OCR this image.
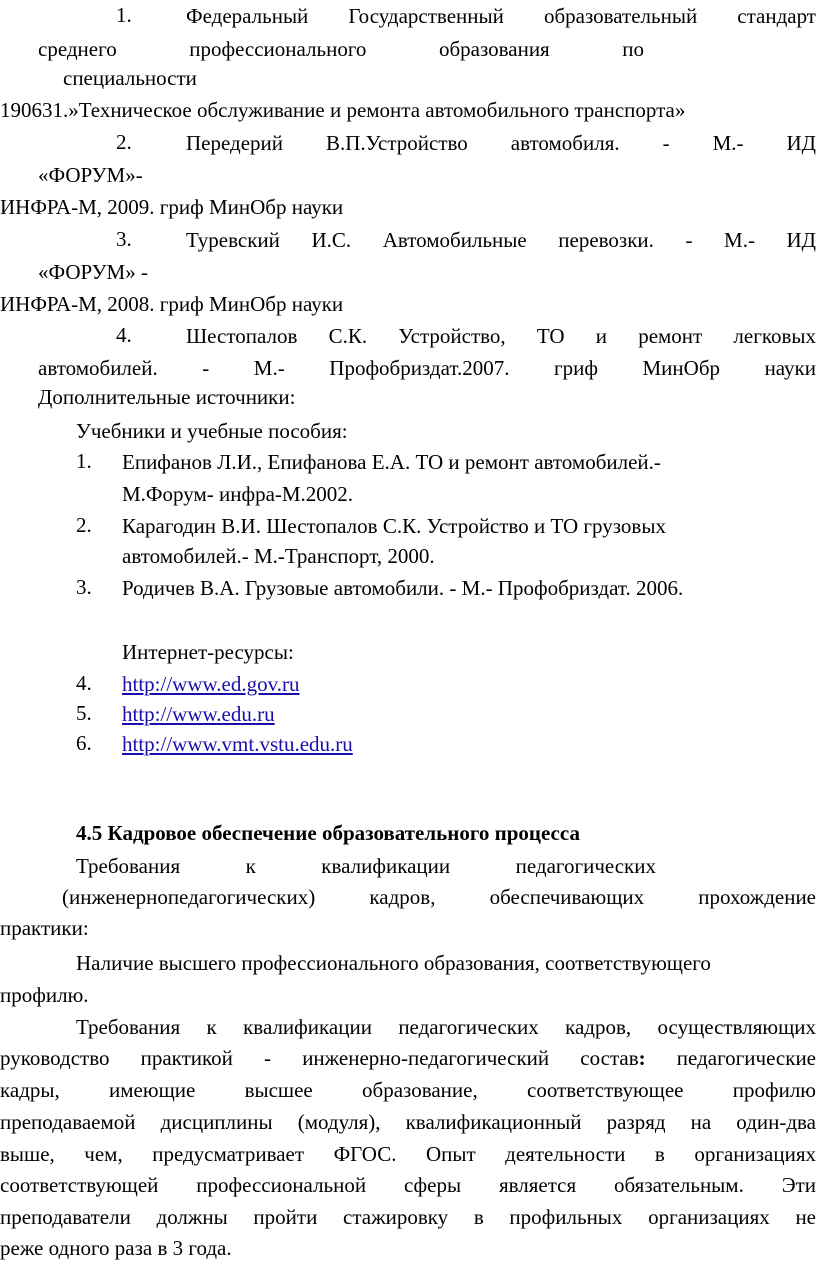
1.	Федеральный Государственный образовательный стандарт
среднего профессионального образования по
специальности
190631.»Техническое обслуживание и ремонта автомобильного транспорта»
2.	Передерий В.П.Устройство автомобиля. - М.- ИД
«ФОРУМ»-
ИНФРА-М, 2009. гриф МинОбр науки
3.	Туревский И.С. Автомобильные перевозки. - М.- ИД
«ФОРУМ» -
ИНФРА-М, 2008. гриф МинОбр науки
4.	Шестопалов С.К. Устройство, ТО и ремонт легковых
автомобилей. - М.- Профобриздат.2007. гриф МинОбр науки
Дополнительные источники:
Учебники и учебные пособия:
1. Епифанов Л.И., Епифанова Е.А. ТО и ремонт автомобилей.-
М.Форум- инфра-М.2002.
2. Карагодин В.И. Шестопалов С.К. Устройство и ТО грузовых
автомобилей.- М.-Транспорт, 2000.
3. Родичев В.А. Грузовые автомобили. - М.- Профобриздат. 2006.
Интернет-ресурсы:
4. http://www.ed.gov.ru
5. http://www.edu.ru
6. http://www.vmt.vstu.edu.ru
4.5 Кадровое обеспечение образовательного процесса
Требования к квалификации педагогических
(инженернопедагогических) кадров, обеспечивающих прохождение
практики:
Наличие высшего профессионального образования, соответствующего
профилю.
Требования к квалификации педагогических кадров, осуществляющих
руководство практикой - инженерно-педагогический состав: педагогические
кадры, имеющие высшее образование, соответствующее профилю
преподаваемой дисциплины (модуля), квалификационный разряд на один-два
выше, чем, предусматривает ФГОС. Опыт деятельности в организациях
соответствующей профессиональной сферы является обязательным. Эти
преподаватели должны пройти стажировку в профильных организациях не
реже одного раза в 3 года.
